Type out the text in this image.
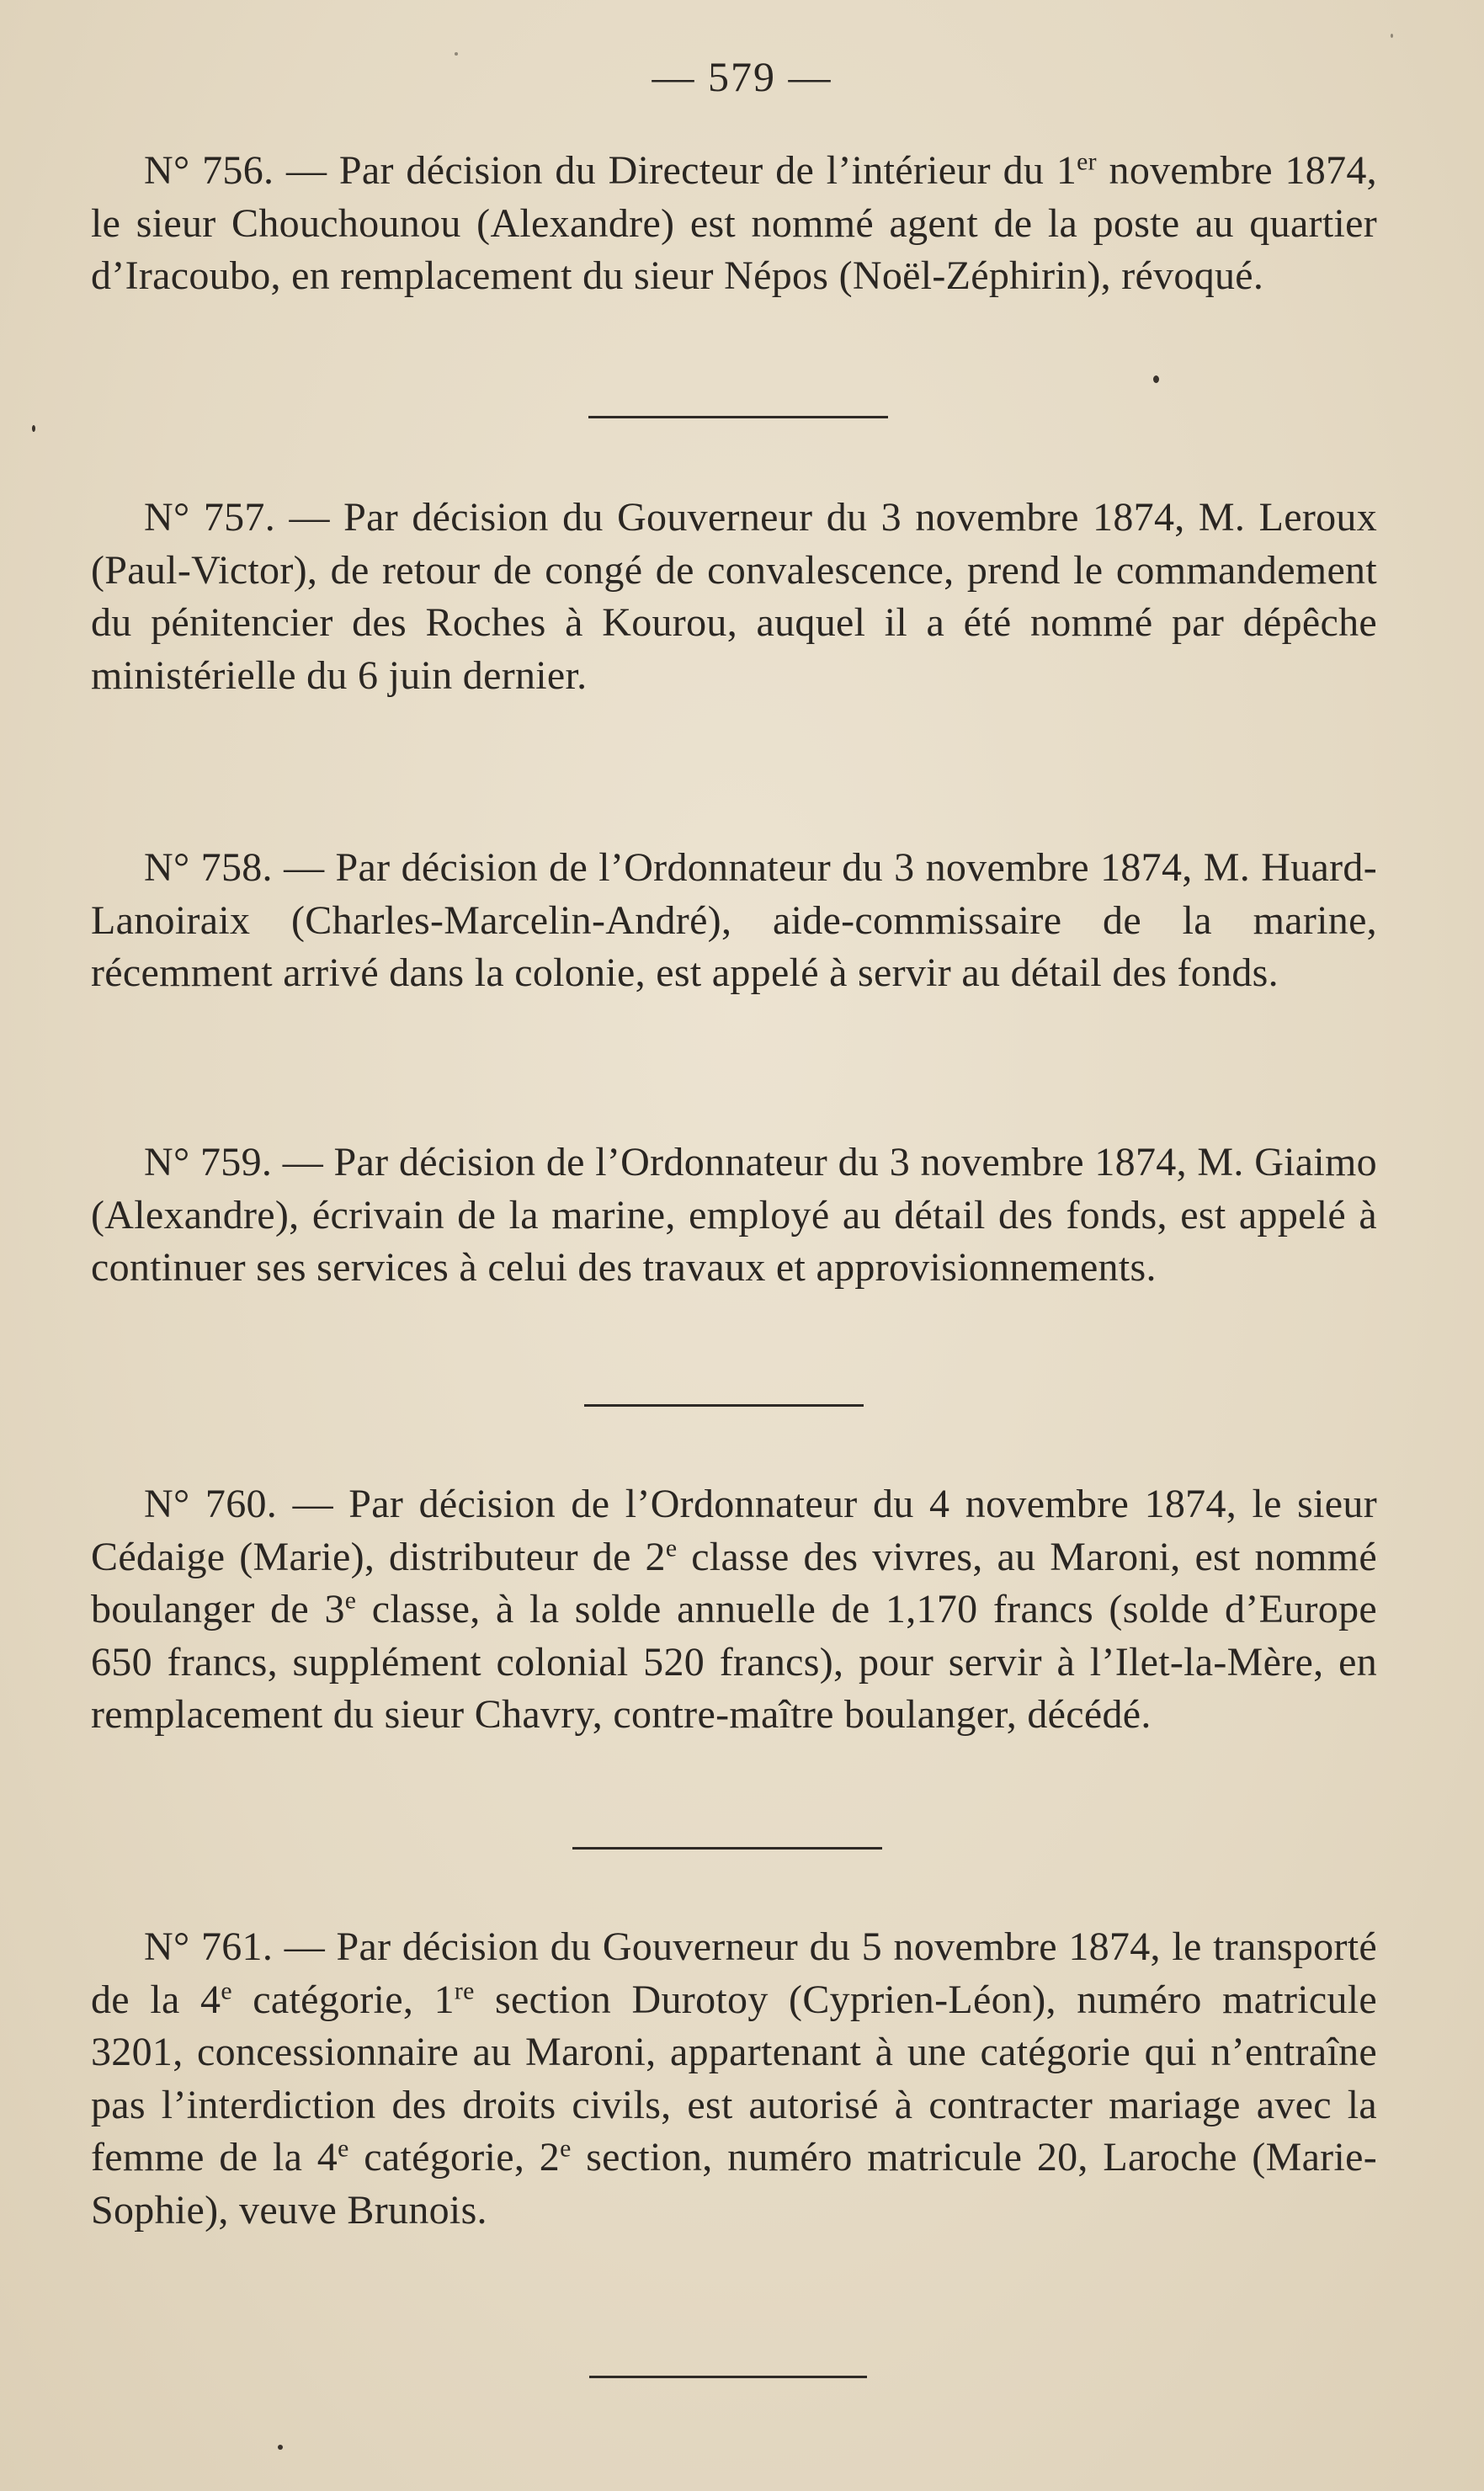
— 579 —

N° 756. — Par décision du Directeur de l’intérieur du 1er novembre 1874, le sieur Chouchounou (Alexandre) est nommé agent de la poste au quartier d’Iracoubo, en remplacement du sieur Népos (Noël-Zéphirin), révoqué.

N° 757. — Par décision du Gouverneur du 3 novembre 1874, M. Leroux (Paul-Victor), de retour de congé de convalescence, prend le commandement du pénitencier des Roches à Kourou, auquel il a été nommé par dépêche ministérielle du 6 juin dernier.

N° 758. — Par décision de l’Ordonnateur du 3 novembre 1874, M. Huard-Lanoiraix (Charles-Marcelin-André), aide-commissaire de la marine, récemment arrivé dans la colonie, est appelé à servir au détail des fonds.

N° 759. — Par décision de l’Ordonnateur du 3 novembre 1874, M. Giaimo (Alexandre), écrivain de la marine, employé au détail des fonds, est appelé à continuer ses services à celui des travaux et approvisionnements.

N° 760. — Par décision de l’Ordonnateur du 4 novembre 1874, le sieur Cédaige (Marie), distributeur de 2e classe des vivres, au Maroni, est nommé boulanger de 3e classe, à la solde annuelle de 1,170 francs (solde d’Europe 650 francs, supplément colonial 520 francs), pour servir à l’Ilet-la-Mère, en remplacement du sieur Chavry, contre-maître boulanger, décédé.

N° 761. — Par décision du Gouverneur du 5 novembre 1874, le transporté de la 4e catégorie, 1re section Durotoy (Cyprien-Léon), numéro matricule 3201, concessionnaire au Maroni, appartenant à une catégorie qui n’entraîne pas l’interdiction des droits civils, est autorisé à contracter mariage avec la femme de la 4e catégorie, 2e section, numéro matricule 20, Laroche (Marie-Sophie), veuve Brunois.
